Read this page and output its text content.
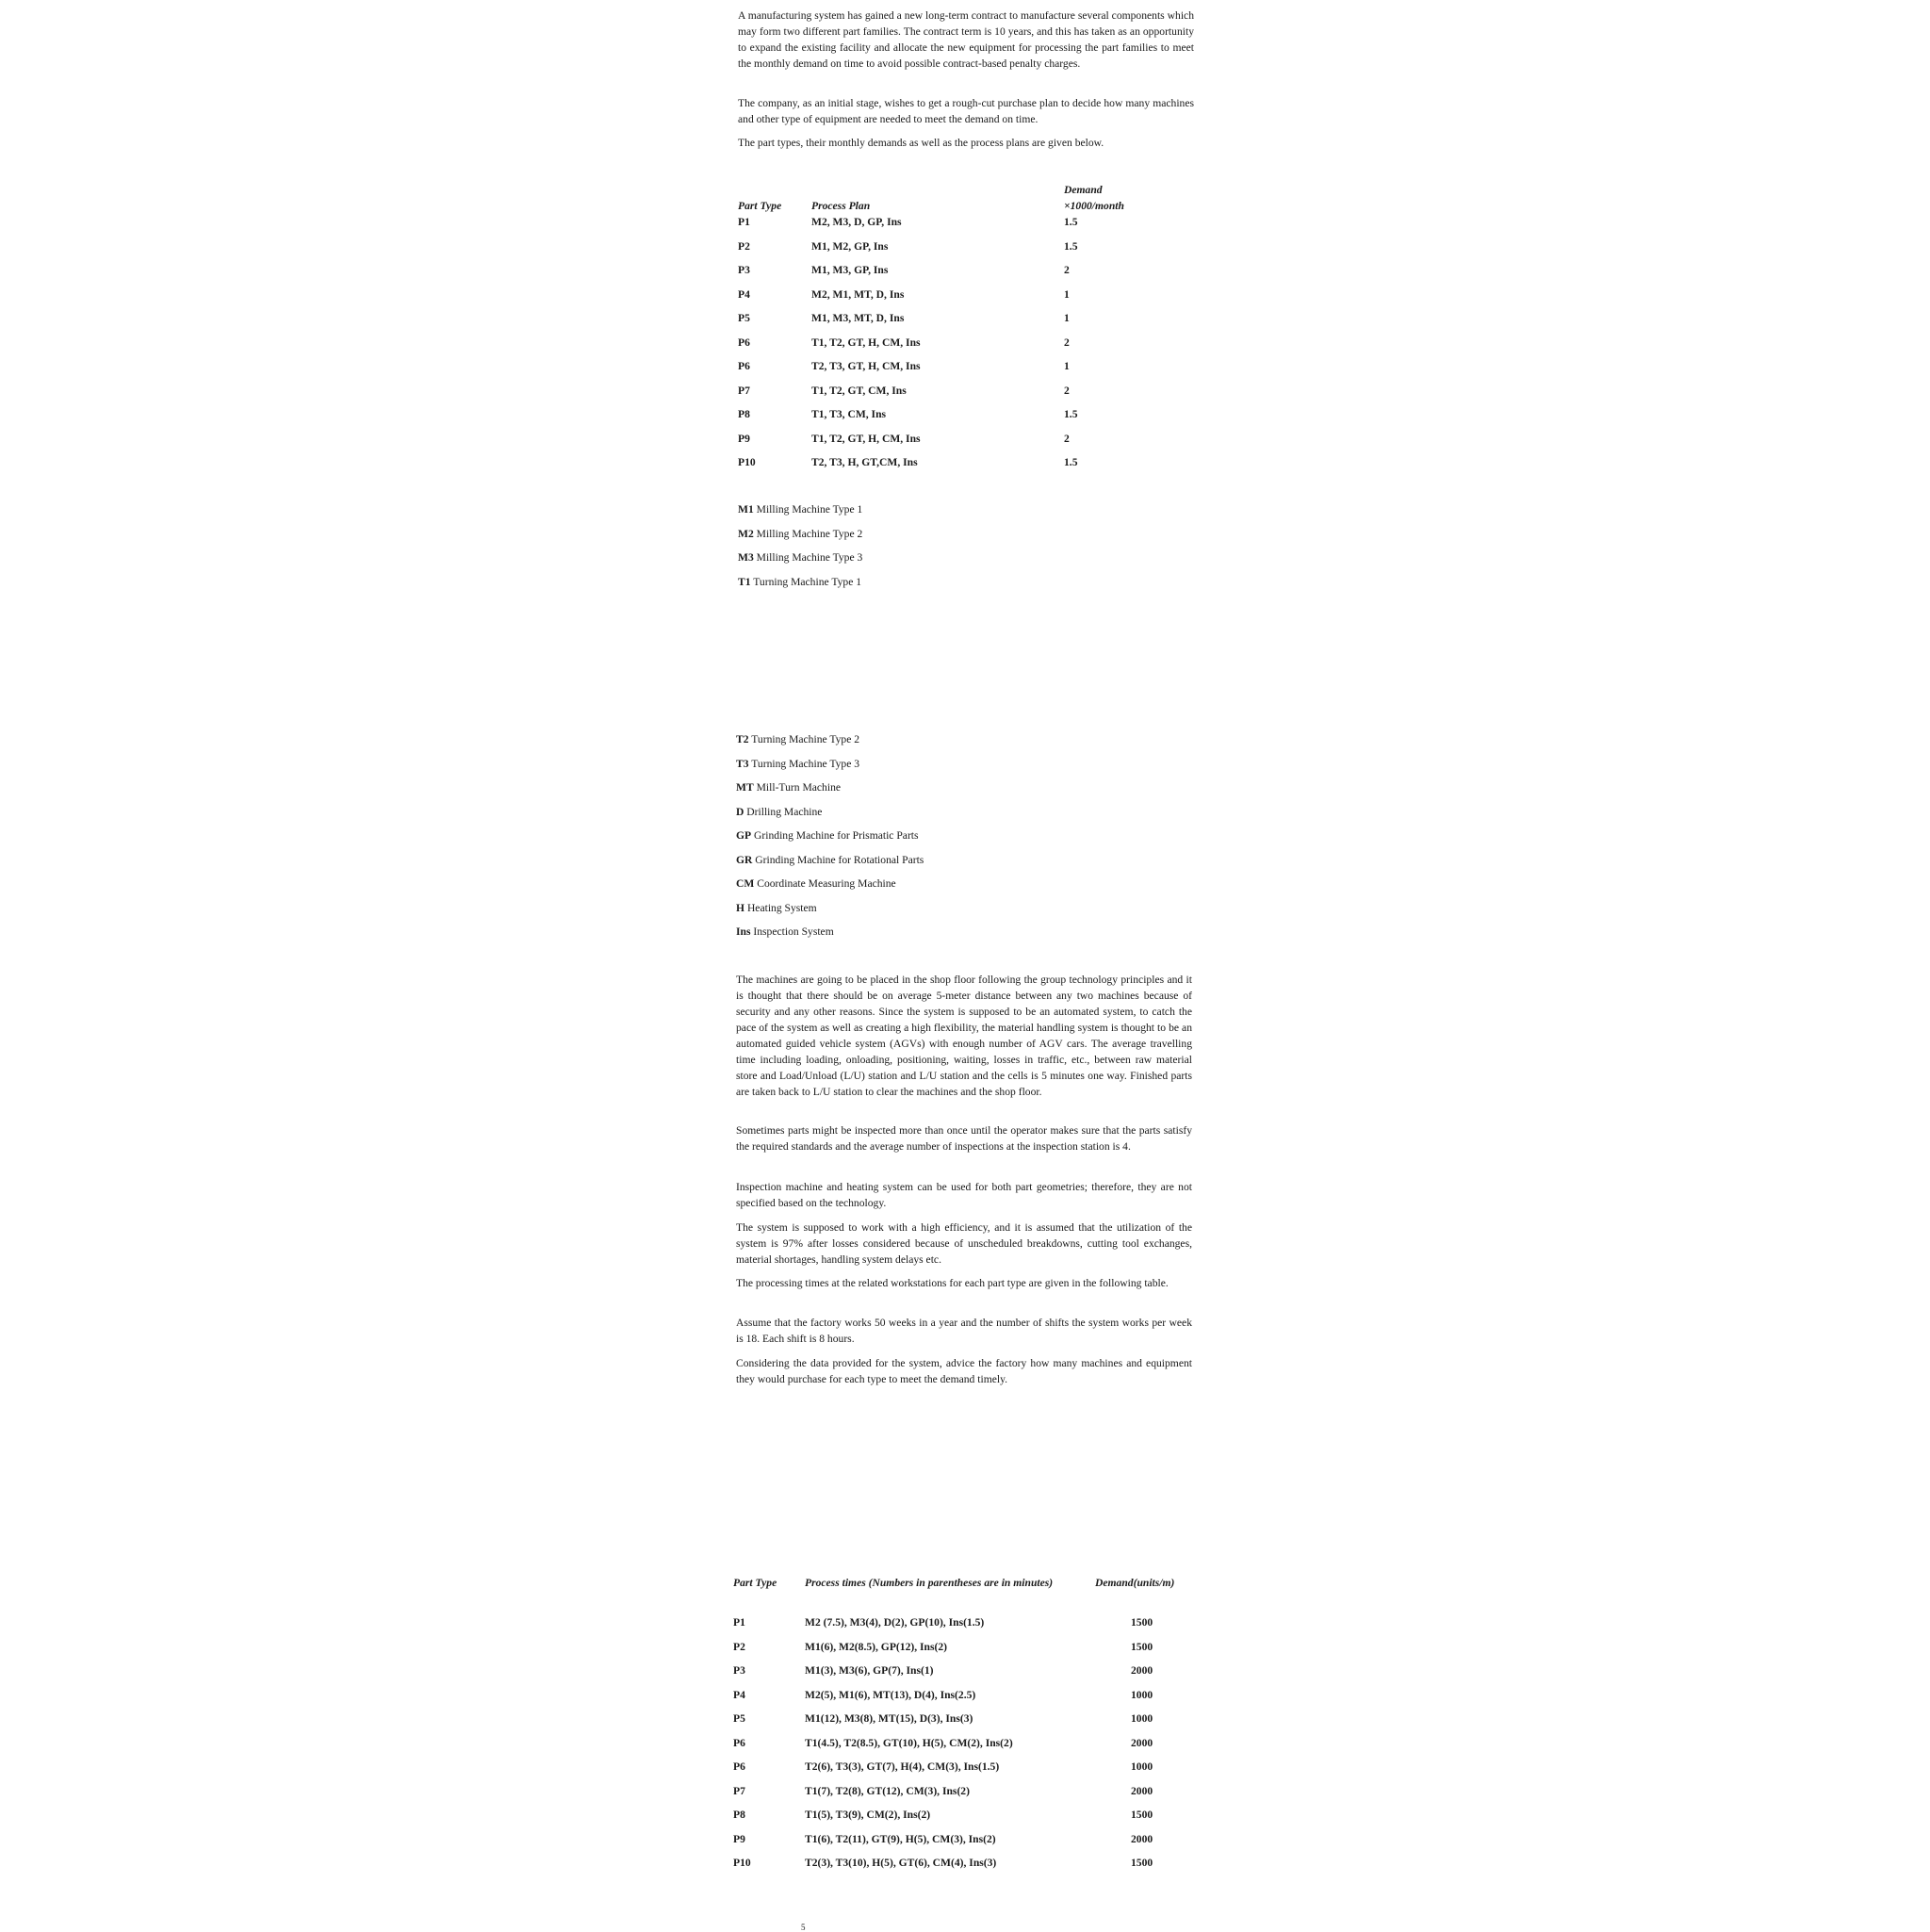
A manufacturing system has gained a new long-term contract to manufacture several components which may form two different part families. The contract term is 10 years, and this has taken as an opportunity to expand the existing facility and allocate the new equipment for processing the part families to meet the monthly demand on time to avoid possible contract-based penalty charges.

The company, as an initial stage, wishes to get a rough-cut purchase plan to decide how many machines and other type of equipment are needed to meet the demand on time.

The part types, their monthly demands as well as the process plans are given below.

Demand
Part Type	Process Plan	×1000/month
P1	M2, M3, D, GP, Ins	1.5
P2	M1, M2, GP, Ins	1.5
P3	M1, M3, GP, Ins	2
P4	M2, M1, MT, D, Ins	1
P5	M1, M3, MT, D, Ins	1
P6	T1, T2, GT, H, CM, Ins	2
P6	T2, T3, GT, H, CM, Ins	1
P7	T1, T2, GT, CM, Ins	2
P8	T1, T3, CM, Ins	1.5
P9	T1, T2, GT, H, CM, Ins	2
P10	T2, T3, H, GT,CM, Ins	1.5
M1 Milling Machine Type 1
M2 Milling Machine Type 2
M3 Milling Machine Type 3
T1 Turning Machine Type 1
T2 Turning Machine Type 2
T3 Turning Machine Type 3
MT Mill-Turn Machine
D Drilling Machine
GP Grinding Machine for Prismatic Parts
GR Grinding Machine for Rotational Parts
CM Coordinate Measuring Machine
H Heating System
Ins Inspection System

The machines are going to be placed in the shop floor following the group technology principles and it is thought that there should be on average 5-meter distance between any two machines because of security and any other reasons. Since the system is supposed to be an automated system, to catch the pace of the system as well as creating a high flexibility, the material handling system is thought to be an automated guided vehicle system (AGVs) with enough number of AGV cars. The average travelling time including loading, onloading, positioning, waiting, losses in traffic, etc., between raw material store and Load/Unload (L/U) station and L/U station and the cells is 5 minutes one way. Finished parts are taken back to L/U station to clear the machines and the shop floor.

Sometimes parts might be inspected more than once until the operator makes sure that the parts satisfy the required standards and the average number of inspections at the inspection station is 4.

Inspection machine and heating system can be used for both part geometries; therefore, they are not specified based on the technology.

The system is supposed to work with a high efficiency, and it is assumed that the utilization of the system is 97% after losses considered because of unscheduled breakdowns, cutting tool exchanges, material shortages, handling system delays etc.

The processing times at the related workstations for each part type are given in the following table.

Assume that the factory works 50 weeks in a year and the number of shifts the system works per week is 18. Each shift is 8 hours.

Considering the data provided for the system, advice the factory how many machines and equipment they would purchase for each type to meet the demand timely.

Part Type	Process times (Numbers in parentheses are in minutes)	Demand(units/m)
P1	M2 (7.5), M3(4), D(2), GP(10), Ins(1.5)	1500
P2	M1(6), M2(8.5), GP(12), Ins(2)	1500
P3	M1(3), M3(6), GP(7), Ins(1)	2000
P4	M2(5), M1(6), MT(13), D(4), Ins(2.5)	1000
P5	M1(12), M3(8), MT(15), D(3), Ins(3)	1000
P6	T1(4.5), T2(8.5), GT(10), H(5), CM(2), Ins(2)	2000
P6	T2(6), T3(3), GT(7), H(4), CM(3), Ins(1.5)	1000
P7	T1(7), T2(8), GT(12), CM(3), Ins(2)	2000
P8	T1(5), T3(9), CM(2), Ins(2)	1500
P9	T1(6), T2(11), GT(9), H(5), CM(3), Ins(2)	2000
P10	T2(3), T3(10), H(5), GT(6), CM(4), Ins(3)	1500
5
